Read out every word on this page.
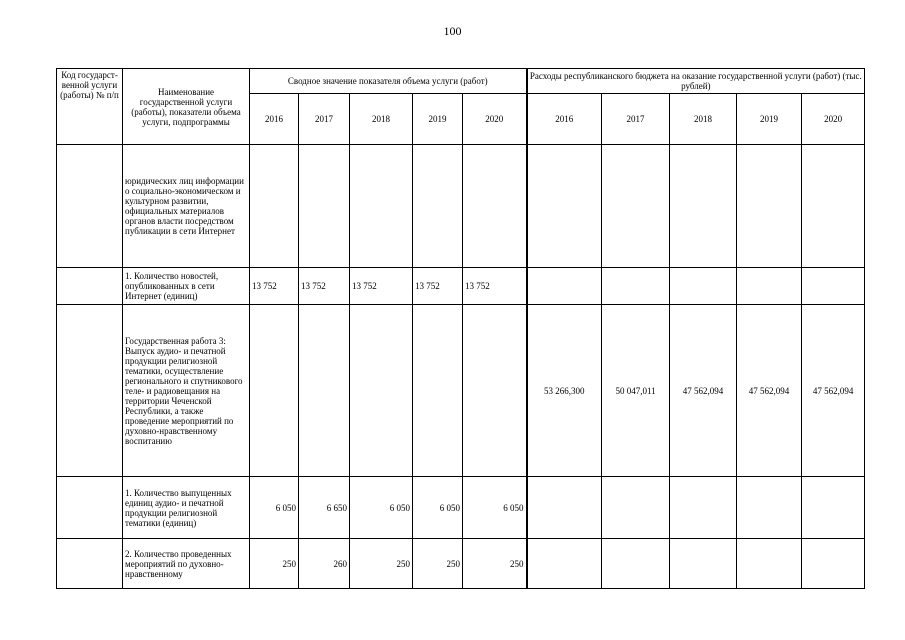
100
Код государст-венной услуги (работы) № п/п	Наименование государственной услуги (работы), показатели объема услуги, подпрограммы	Сводное значение показателя объема услуги (работ)					Расходы республиканского бюджета на оказание государственной услуги (работ) (тыс. рублей)				
		2016	2017	2018	2019	2020	2016	2017	2018	2019	2020
	юридических лиц информации о социально-экономическом и культурном развитии, официальных материалов органов власти посредством публикации в сети Интернет										
	1. Количество новостей, опубликованных в сети Интернет (единиц)	13 752	13 752	13 752	13 752	13 752					
	Государственная работа 3: Выпуск аудио- и печатной продукции религиозной тематики, осуществление регионального и спутникового теле- и радиовещания на территории Чеченской Республики, а также проведение мероприятий по духовно-нравственному воспитанию						53 266,300	50 047,011	47 562,094	47 562,094	47 562,094
	1. Количество выпущенных единиц аудио- и печатной продукции религиозной тематики (единиц)	6 050	6 650	6 050	6 050	6 050					
	2. Количество проведенных мероприятий по духовно-нравственному	250	260	250	250	250					
